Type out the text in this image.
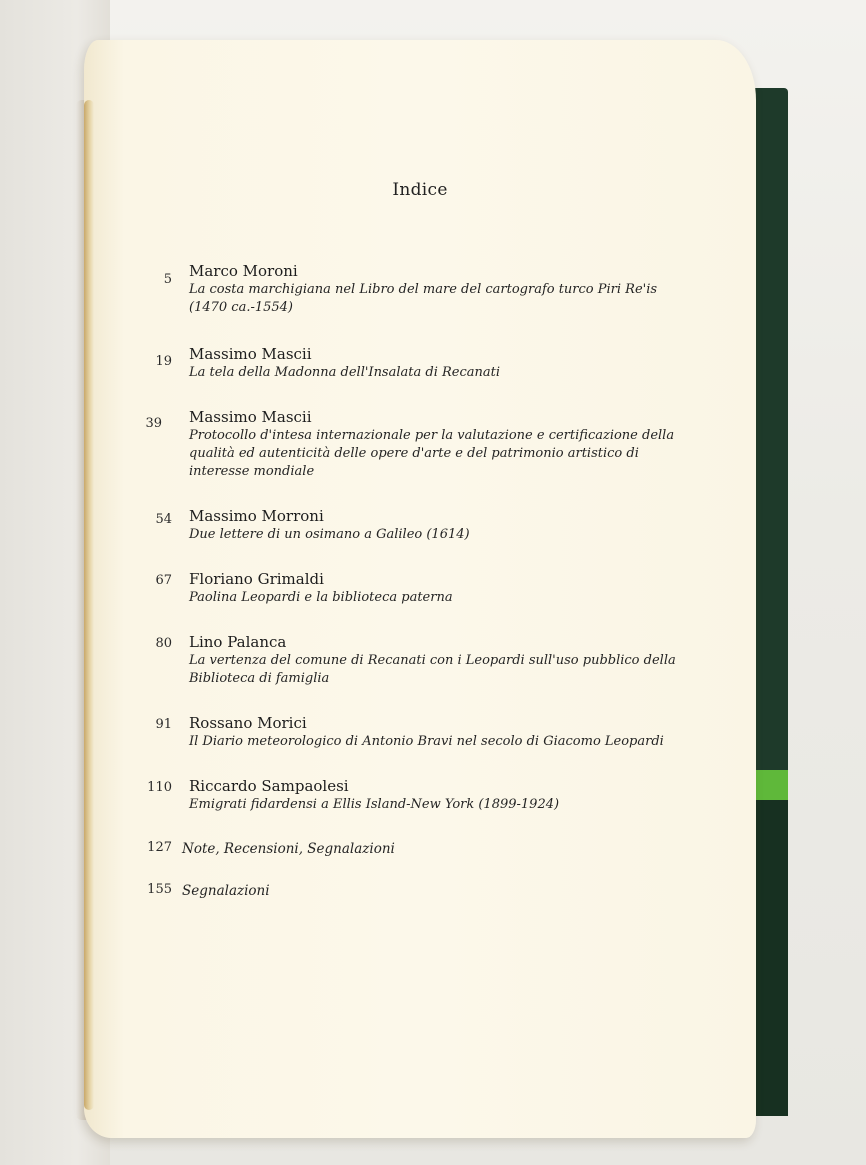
Indice
5 Marco Moroni
La costa marchigiana nel Libro del mare del cartografo turco Piri Re'is (1470 ca.-1554)
19 Massimo Mascii
La tela della Madonna dell'Insalata di Recanati
39 Massimo Mascii
Protocollo d'intesa internazionale per la valutazione e certificazione della qualità ed autenticità delle opere d'arte e del patrimonio artistico di interesse mondiale
54 Massimo Morroni
Due lettere di un osimano a Galileo (1614)
67 Floriano Grimaldi
Paolina Leopardi e la biblioteca paterna
80 Lino Palanca
La vertenza del comune di Recanati con i Leopardi sull'uso pubblico della Biblioteca di famiglia
91 Rossano Morici
Il Diario meteorologico di Antonio Bravi nel secolo di Giacomo Leopardi
110 Riccardo Sampaolesi
Emigrati fidardensi a Ellis Island-New York (1899-1924)
127 Note, Recensioni, Segnalazioni
155 Segnalazioni
